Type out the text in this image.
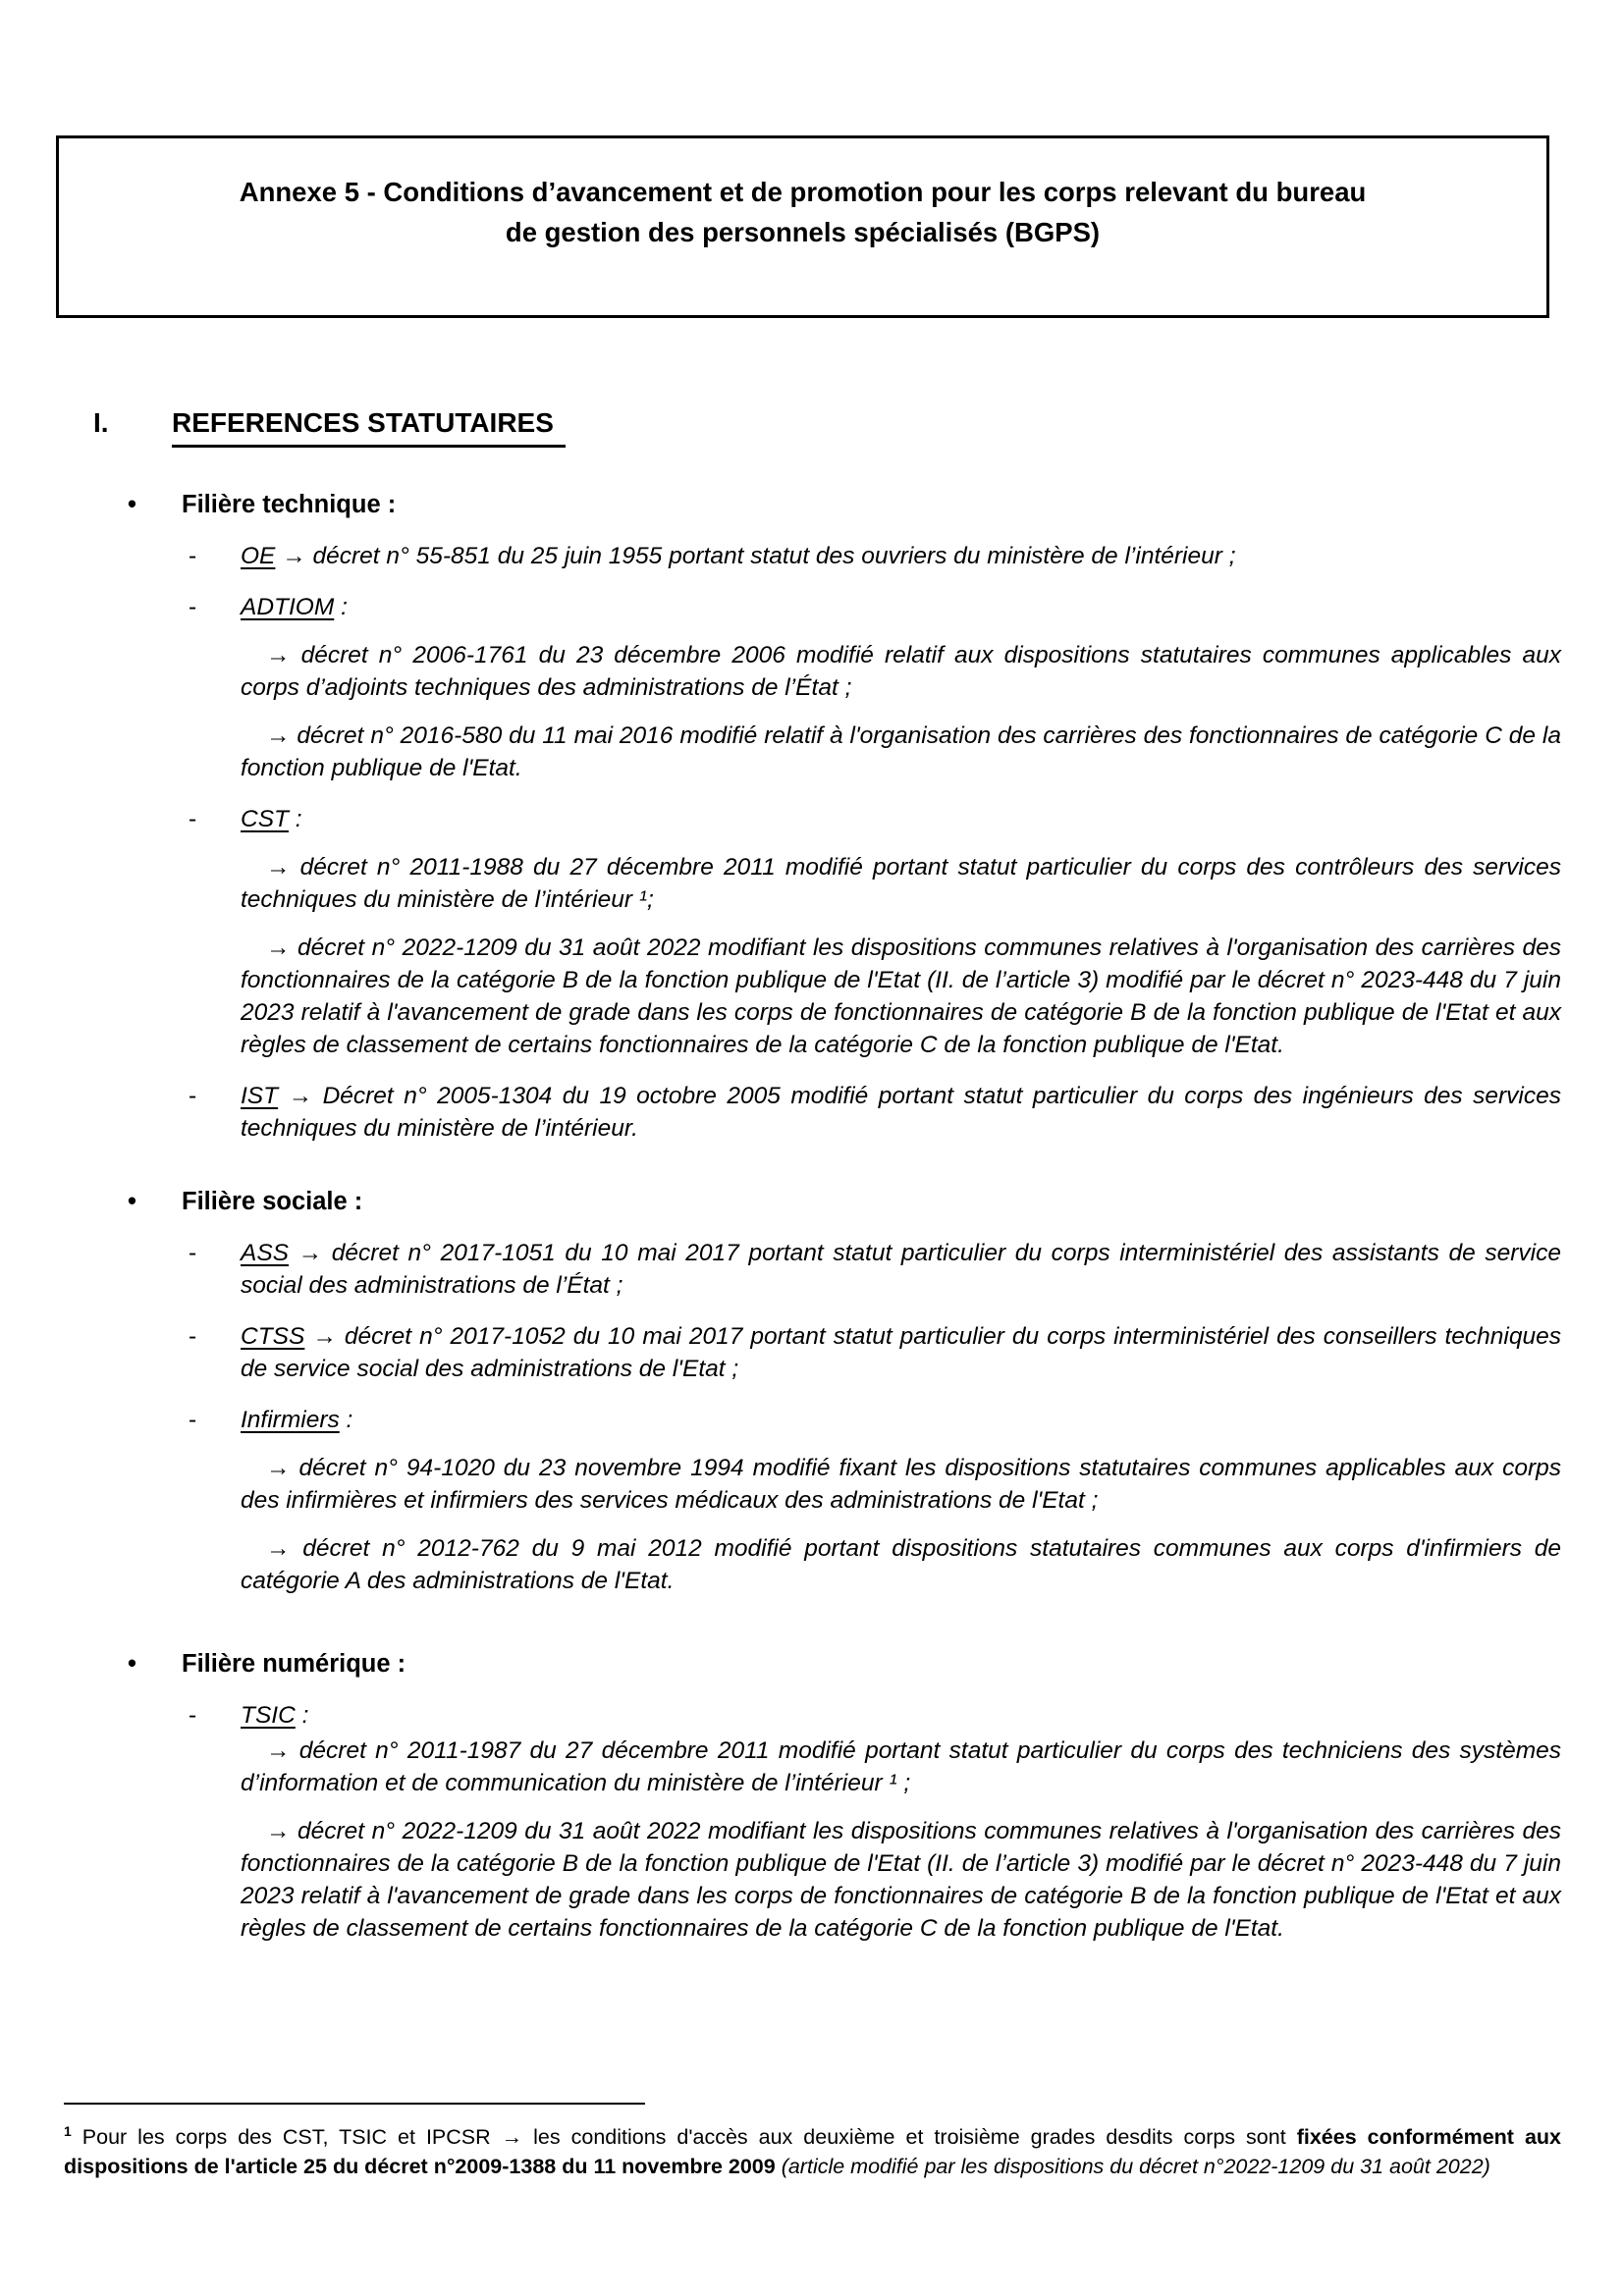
Annexe 5 - Conditions d’avancement et de promotion pour les corps relevant du bureau
de gestion des personnels spécialisés (BGPS)
I.	REFERENCES STATUTAIRES
•	Filière technique :
-	OE → décret n° 55-851 du 25 juin 1955 portant statut des ouvriers du ministère de l’intérieur ;
-	ADTIOM :

→ décret n° 2006-1761 du 23 décembre 2006 modifié relatif aux dispositions statutaires communes applicables aux corps d’adjoints techniques des administrations de l’État ;

→ décret n° 2016-580 du 11 mai 2016 modifié relatif à l'organisation des carrières des fonctionnaires de catégorie C de la fonction publique de l'Etat.

-	CST :

→ décret n° 2011-1988 du 27 décembre 2011 modifié portant statut particulier du corps des contrôleurs des services techniques du ministère de l’intérieur ¹;

→ décret n° 2022-1209 du 31 août 2022 modifiant les dispositions communes relatives à l'organisation des carrières des fonctionnaires de la catégorie B de la fonction publique de l'Etat (II. de l’article 3) modifié par le décret n° 2023-448 du 7 juin 2023 relatif à l'avancement de grade dans les corps de fonctionnaires de catégorie B de la fonction publique de l'Etat et aux règles de classement de certains fonctionnaires de la catégorie C de la fonction publique de l'Etat.

-	IST → Décret n° 2005-1304 du 19 octobre 2005 modifié portant statut particulier du corps des ingénieurs des services techniques du ministère de l’intérieur.
•	Filière sociale :
-	ASS → décret n° 2017-1051 du 10 mai 2017 portant statut particulier du corps interministériel des assistants de service social des administrations de l’État ;
-	CTSS → décret n° 2017-1052 du 10 mai 2017 portant statut particulier du corps interministériel des conseillers techniques de service social des administrations de l'Etat ;
-	Infirmiers :

→ décret n° 94-1020 du 23 novembre 1994 modifié fixant les dispositions statutaires communes applicables aux corps des infirmières et infirmiers des services médicaux des administrations de l'Etat ;

→ décret n° 2012-762 du 9 mai 2012 modifié portant dispositions statutaires communes aux corps d'infirmiers de catégorie A des administrations de l'Etat.

•	Filière numérique :
-	TSIC :

→ décret n° 2011-1987 du 27 décembre 2011 modifié portant statut particulier du corps des techniciens des systèmes d’information et de communication du ministère de l’intérieur ¹ ;

→ décret n° 2022-1209 du 31 août 2022 modifiant les dispositions communes relatives à l'organisation des carrières des fonctionnaires de la catégorie B de la fonction publique de l'Etat (II. de l’article 3) modifié par le décret n° 2023-448 du 7 juin 2023 relatif à l'avancement de grade dans les corps de fonctionnaires de catégorie B de la fonction publique de l'Etat et aux règles de classement de certains fonctionnaires de la catégorie C de la fonction publique de l'Etat.

$^1$ Pour les corps des CST, TSIC et IPCSR → les conditions d'accès aux deuxième et troisième grades desdits corps sont fixées conformément aux dispositions de l'article 25 du décret n°2009-1388 du 11 novembre 2009 (article modifié par les dispositions du décret n°2022-1209 du 31 août 2022)
